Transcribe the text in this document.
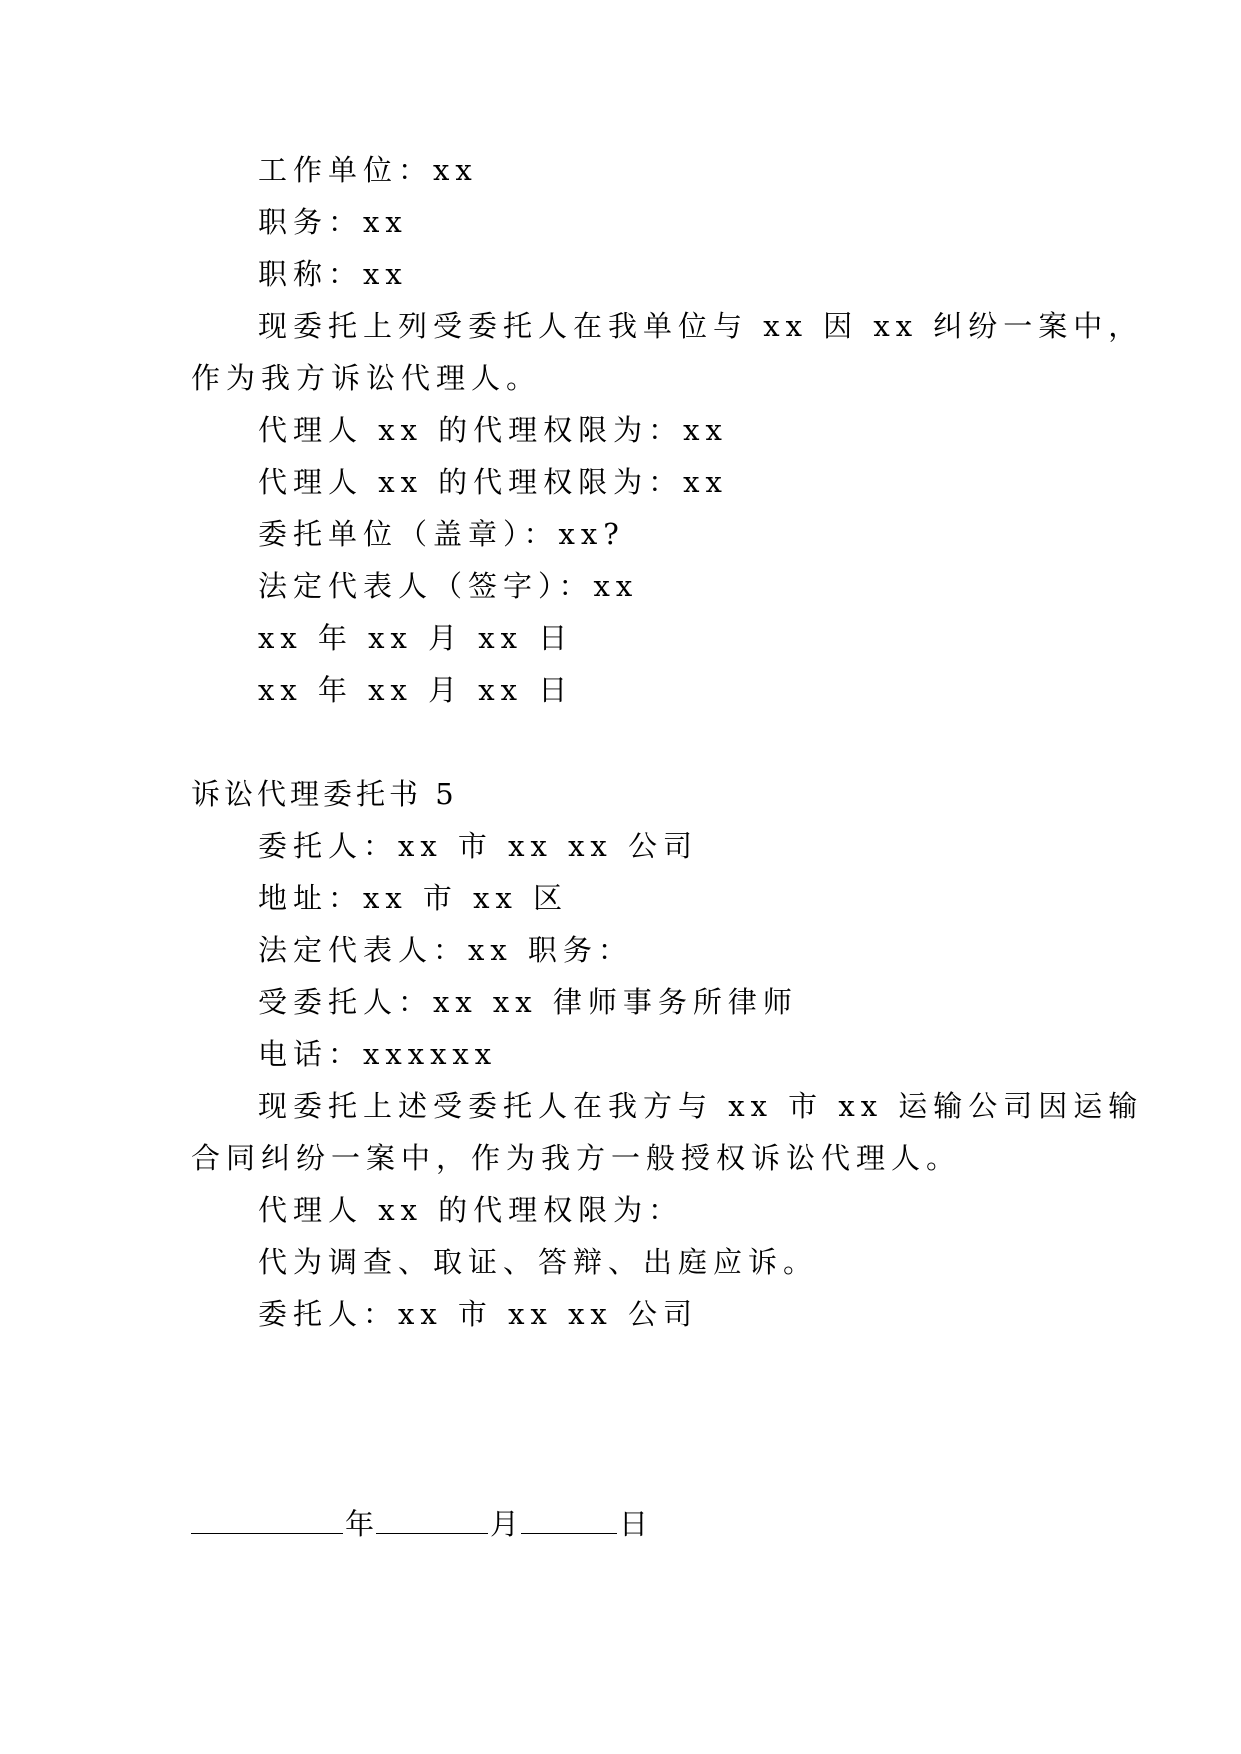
工作单位：xx
职务：xx
职称：xx
现委托上列受委托人在我单位与 xx 因 xx 纠纷一案中，
作为我方诉讼代理人。
代理人 xx 的代理权限为：xx
代理人 xx 的代理权限为：xx
委托单位（盖章）：xx?
法定代表人（签字）：xx
xx 年 xx 月 xx 日
xx 年 xx 月 xx 日
诉讼代理委托书 5
委托人：xx 市 xx xx 公司
地址：xx 市 xx 区
法定代表人：xx 职务：
受委托人：xx xx 律师事务所律师
电话：xxxxxx
现委托上述受委托人在我方与 xx 市 xx 运输公司因运输
合同纠纷一案中，作为我方一般授权诉讼代理人。
代理人 xx 的代理权限为：
代为调查、取证、答辩、出庭应诉。
委托人：xx 市 xx xx 公司
年	月	日
